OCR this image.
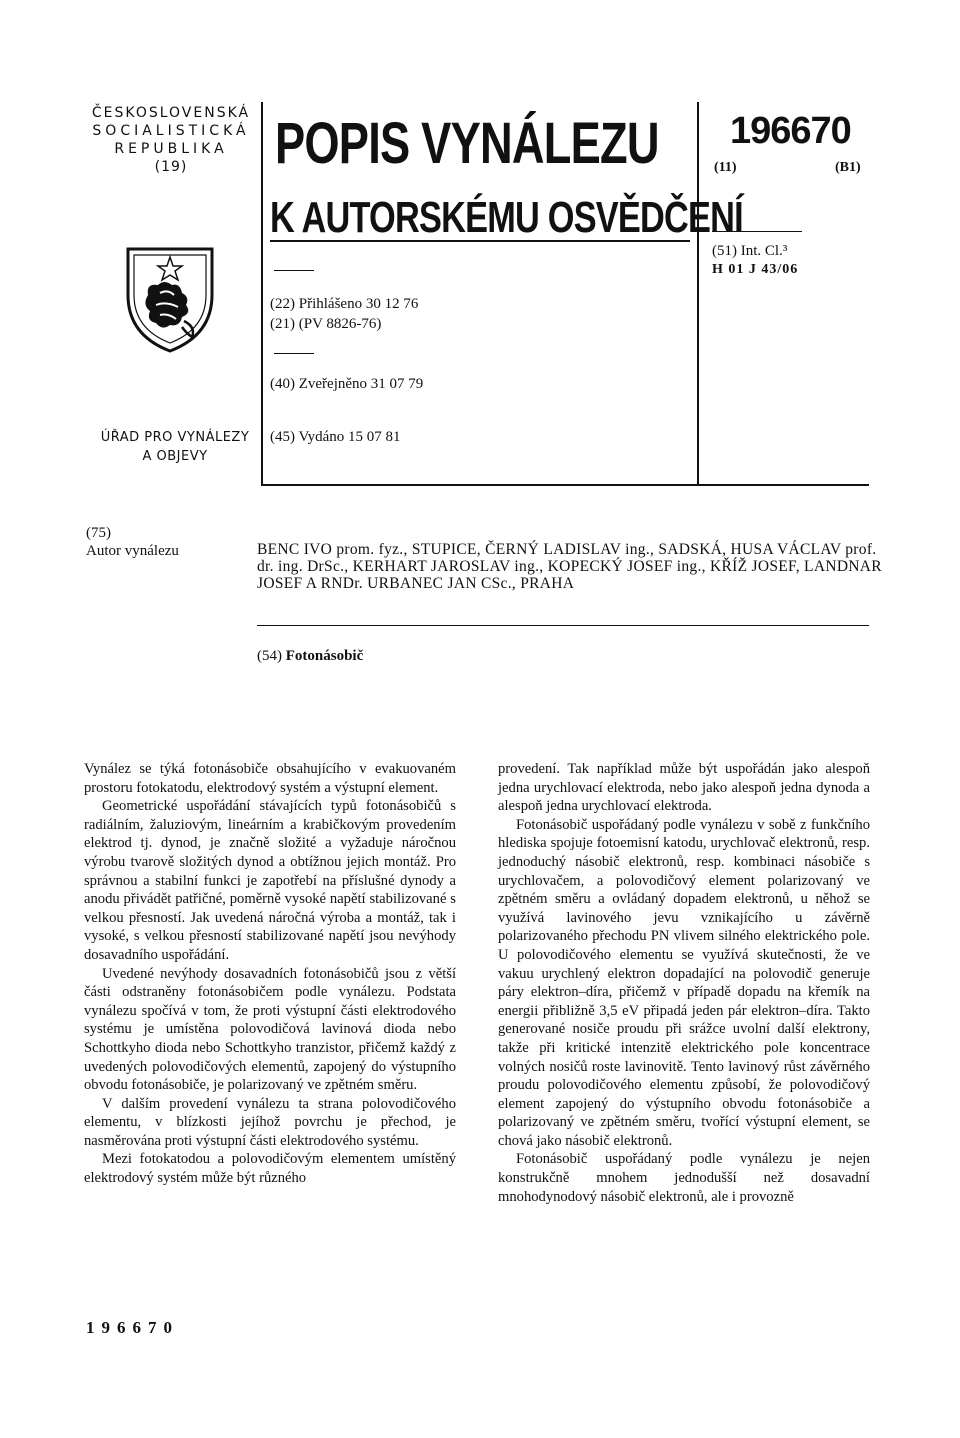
ČESKOSLOVENSKÁ
SOCIALISTICKÁ
REPUBLIKA
(19)
ÚŘAD PRO VYNÁLEZY
A OBJEVY
POPIS VYNÁLEZU
K AUTORSKÉMU OSVĚDČENÍ
(22) Přihlášeno 30 12 76
(21) (PV 8826-76)
(40) Zveřejněno 31 07 79
(45) Vydáno 15 07 81
196670
(11)	(B1)
(51) Int. Cl.³
H 01 J 43/06
(75)
Autor vynálezu	BENC IVO prom. fyz., STUPICE, ČERNÝ LADISLAV ing., SADSKÁ, HUSA VÁCLAV prof. dr. ing. DrSc., KERHART JAROSLAV ing., KOPECKÝ JOSEF ing., KŘÍŽ JOSEF, LANDNAR JOSEF A RNDr. URBANEC JAN CSc., PRAHA
(54) Fotonásobič

Vynález se týká fotonásobiče obsahujícího v evakuovaném prostoru fotokatodu, elektrodový systém a výstupní element.

Geometrické uspořádání stávajících typů fotonásobičů s radiálním, žaluziovým, lineárním a krabičkovým provedením elektrod tj. dynod, je značně složité a vyžaduje náročnou výrobu tvarově složitých dynod a obtížnou jejich montáž. Pro správnou a stabilní funkci je zapotřebí na příslušné dynody a anodu přivádět patřičné, poměrně vysoké napětí stabilizované s velkou přesností. Jak uvedená náročná výroba a montáž, tak i vysoké, s velkou přesností stabilizované napětí jsou nevýhody dosavadního uspořádání.

Uvedené nevýhody dosavadních fotonásobičů jsou z větší části odstraněny fotonásobičem podle vynálezu. Podstata vynálezu spočívá v tom, že proti výstupní části elektrodového systému je umístěna polovodičová lavinová dioda nebo Schottkyho dioda nebo Schottkyho tranzistor, přičemž každý z uvedených polovodičových elementů, zapojený do výstupního obvodu fotonásobiče, je polarizovaný ve zpětném směru.

V dalším provedení vynálezu ta strana polovodičového elementu, v blízkosti jejíhož povrchu je přechod, je nasměrována proti výstupní části elektrodového systému.

Mezi fotokatodou a polovodičovým elementem umístěný elektrodový systém může být různého

provedení. Tak například může být uspořádán jako alespoň jedna urychlovací elektroda, nebo jako alespoň jedna dynoda a alespoň jedna urychlovací elektroda.

Fotonásobič uspořádaný podle vynálezu v sobě z funkčního hlediska spojuje fotoemisní katodu, urychlovač elektronů, resp. jednoduchý násobič elektronů, resp. kombinaci násobiče s urychlovačem, a polovodičový element polarizovaný ve zpětném směru a ovládaný dopadem elektronů, u něhož se využívá lavinového jevu vznikajícího u závěrně polarizovaného přechodu PN vlivem silného elektrického pole. U polovodičového elementu se využívá skutečnosti, že ve vakuu urychlený elektron dopadající na polovodič generuje páry elektron–díra, přičemž v případě dopadu na křemík na energii přibližně 3,5 eV připadá jeden pár elektron–díra. Takto generované nosiče proudu při srážce uvolní další elektrony, takže při kritické intenzitě elektrického pole koncentrace volných nosičů roste lavinovitě. Tento lavinový růst závěrného proudu polovodičového elementu způsobí, že polovodičový element zapojený do výstupního obvodu fotonásobiče a polarizovaný ve zpětném směru, tvořící výstupní element, se chová jako násobič elektronů.

Fotonásobič uspořádaný podle vynálezu je nejen konstrukčně mnohem jednodušší než dosavadní mnohodynodový násobič elektronů, ale i provozně

196670
